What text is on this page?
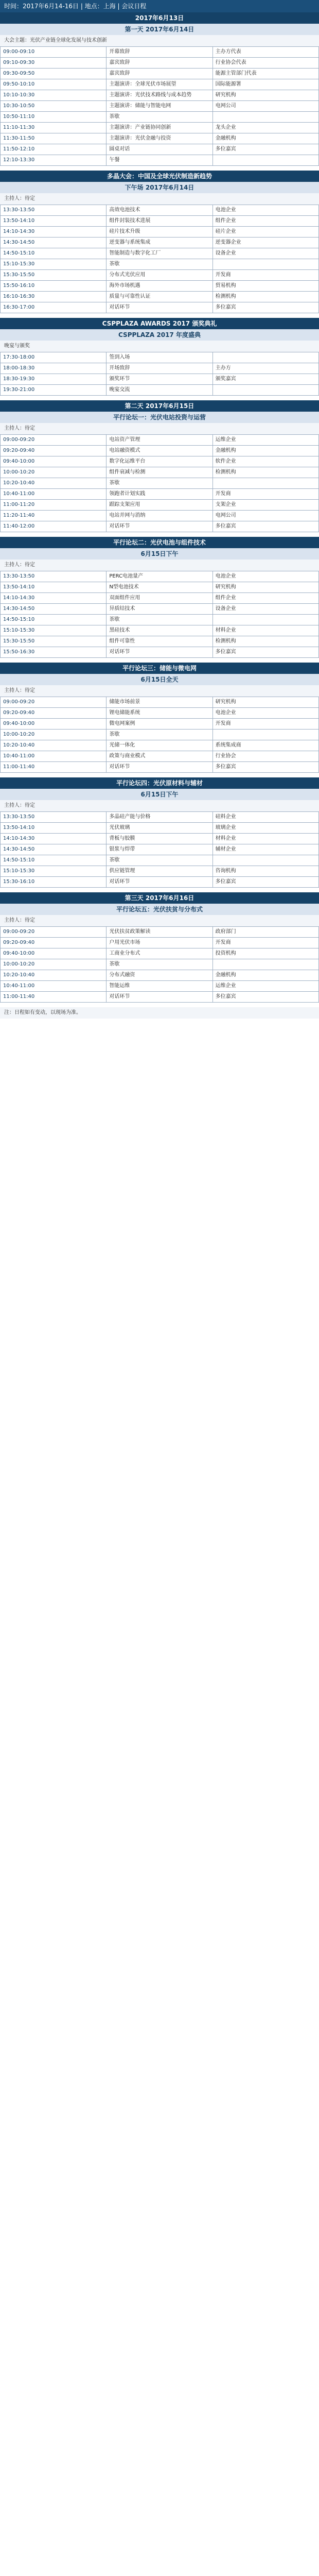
时间：2017年6月14-16日 | 地点：上海 | 会议日程
2017年6月13日
第一天 2017年6月14日
大会主题：光伏产业链全球化发展与技术创新
09:00-09:10	开幕致辞	主办方代表
09:10-09:30	嘉宾致辞	行业协会代表
09:30-09:50	嘉宾致辞	能源主管部门代表
09:50-10:10	主题演讲：全球光伏市场展望	国际能源署
10:10-10:30	主题演讲：光伏技术路线与成本趋势	研究机构
10:30-10:50	主题演讲：储能与智能电网	电网公司
10:50-11:10	茶歇	
11:10-11:30	主题演讲：产业链协同创新	龙头企业
11:30-11:50	主题演讲：光伏金融与投资	金融机构
11:50-12:10	圆桌对话	多位嘉宾
12:10-13:30	午餐	
多晶大会：中国及全球光伏制造新趋势
下午场 2017年6月14日
主持人：待定
13:30-13:50	高效电池技术	电池企业
13:50-14:10	组件封装技术进展	组件企业
14:10-14:30	硅片技术升级	硅片企业
14:30-14:50	逆变器与系统集成	逆变器企业
14:50-15:10	智能制造与数字化工厂	设备企业
15:10-15:30	茶歇	
15:30-15:50	分布式光伏应用	开发商
15:50-16:10	海外市场机遇	贸易机构
16:10-16:30	质量与可靠性认证	检测机构
16:30-17:00	对话环节	多位嘉宾
CSPPLAZA AWARDS 2017 颁奖典礼
CSPPLAZA 2017 年度盛典
晚宴与颁奖
17:30-18:00	签到入场	
18:00-18:30	开场致辞	主办方
18:30-19:30	颁奖环节	颁奖嘉宾
19:30-21:00	晚宴交流	
第二天 2017年6月15日
平行论坛一：光伏电站投资与运营
主持人：待定
09:00-09:20	电站资产管理	运维企业
09:20-09:40	电站融资模式	金融机构
09:40-10:00	数字化运维平台	软件企业
10:00-10:20	组件衰减与检测	检测机构
10:20-10:40	茶歇	
10:40-11:00	领跑者计划实践	开发商
11:00-11:20	跟踪支架应用	支架企业
11:20-11:40	电站并网与消纳	电网公司
11:40-12:00	对话环节	多位嘉宾
平行论坛二：光伏电池与组件技术
6月15日下午
主持人：待定
13:30-13:50	PERC电池量产	电池企业
13:50-14:10	N型电池技术	研究机构
14:10-14:30	双面组件应用	组件企业
14:30-14:50	异质结技术	设备企业
14:50-15:10	茶歇	
15:10-15:30	黑硅技术	材料企业
15:30-15:50	组件可靠性	检测机构
15:50-16:30	对话环节	多位嘉宾
平行论坛三：储能与微电网
6月15日全天
主持人：待定
09:00-09:20	储能市场前景	研究机构
09:20-09:40	锂电储能系统	电池企业
09:40-10:00	微电网案例	开发商
10:00-10:20	茶歇	
10:20-10:40	光储一体化	系统集成商
10:40-11:00	政策与商业模式	行业协会
11:00-11:40	对话环节	多位嘉宾
平行论坛四：光伏原材料与辅材
6月15日下午
主持人：待定
13:30-13:50	多晶硅产能与价格	硅料企业
13:50-14:10	光伏玻璃	玻璃企业
14:10-14:30	背板与胶膜	材料企业
14:30-14:50	银浆与焊带	辅材企业
14:50-15:10	茶歇	
15:10-15:30	供应链管理	咨询机构
15:30-16:10	对话环节	多位嘉宾
第三天 2017年6月16日
平行论坛五：光伏扶贫与分布式
主持人：待定
09:00-09:20	光伏扶贫政策解读	政府部门
09:20-09:40	户用光伏市场	开发商
09:40-10:00	工商业分布式	投资机构
10:00-10:20	茶歇	
10:20-10:40	分布式融资	金融机构
10:40-11:00	智能运维	运维企业
11:00-11:40	对话环节	多位嘉宾
注：日程如有变动，以现场为准。
